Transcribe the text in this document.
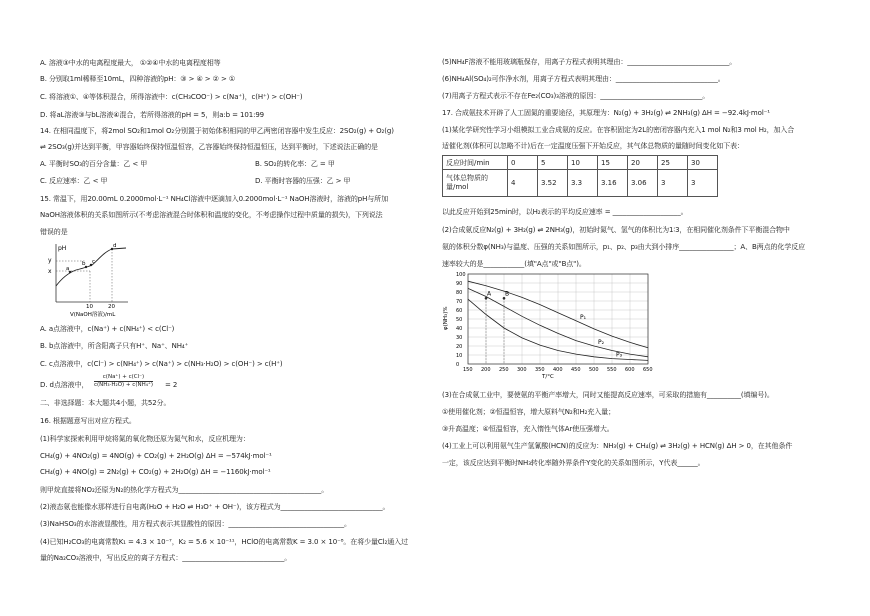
A. 溶液③中水的电离程度最大， ①②④中水的电离程度相等
B. 分别取1ml稀释至10mL，四种溶液的pH：③ > ④ > ② > ①
C. 将溶液①、④等体积混合，所得溶液中：c(CH₃COO⁻) > c(Na⁺)，c(H⁺) > c(OH⁻)
D. 将aL溶液③与bL溶液④混合，若所得溶液的pH = 5，则a:b = 101:99
14. 在相同温度下，将2mol SO₂和1mol O₂分别置于初始体积相同的甲乙两密闭容器中发生反应：2SO₂(g) + O₂(g)
⇌ 2SO₃(g)并达到平衡，甲容器始终保持恒温恒容，乙容器始终保持恒温恒压，达到平衡时，下述说法正确的是
A. 平衡时SO₃的百分含量：乙 < 甲	B. SO₂的转化率：乙 = 甲
C. 反应速率：乙 < 甲	D. 平衡时容器的压强：乙 > 甲
15. 常温下，用20.00mL 0.2000mol·L⁻¹ NH₄Cl溶液中逐滴加入0.2000mol·L⁻¹ NaOH溶液时，溶液的pH与所加
NaOH溶液体积的关系如图所示(不考虑溶液混合时体积和温度的变化，不考虑操作过程中质量的损失)，下列说法
错误的是
pH
x
y
a
b c
d
10	20
V(NaOH溶液)/mL
A. a点溶液中，c(Na⁺) + c(NH₄⁺) < c(Cl⁻)
B. b点溶液中，所含阳离子只有H⁺、Na⁺、NH₄⁺
C. c点溶液中，c(Cl⁻) > c(NH₄⁺) > c(Na⁺) > c(NH₃·H₂O) > c(OH⁻) > c(H⁺)
D. d点溶液中， $\frac{c(Na^+) + c(Cl^-)}{\text{c(NH₃·H₂O) + c(NH₄⁺)}} = 2$
二、非选择题：本大题共4小题，共52分。
16. 根据题意写出对应方程式。
(1)科学家探索利用甲烷将氮的氧化物还原为氮气和水，反应机理为：
CH₄(g) + 4NO₂(g) = 4NO(g) + CO₂(g) + 2H₂O(g) ΔH = −574kJ·mol⁻¹
CH₄(g) + 4NO(g) = 2N₂(g) + CO₂(g) + 2H₂O(g) ΔH = −1160kJ·mol⁻¹
则甲烷直接将NO₂还原为N₂的热化学方程式为__________________________________________。
(2)液态氨也能像水那样进行自电离(H₂O + H₂O ⇌ H₃O⁺ + OH⁻)，该方程式为______________________________。
(3)NaHSO₃的水溶液显酸性，用方程式表示其显酸性的原因：__________________________________。
(4)已知H₂CO₃的电离常数K₁ = 4.3 × 10⁻⁷，K₂ = 5.6 × 10⁻¹¹，HClO的电离常数K = 3.0 × 10⁻⁸。在将少量Cl₂通入过
量的Na₂CO₃溶液中，写出反应的离子方程式：______________________________。
(5)NH₄F溶液不能用玻璃瓶保存，用离子方程式表明其理由：______________________________。
(6)NH₄Al(SO₄)₂可作净水剂，用离子方程式表明其理由：______________________________。
(7)用离子方程式表示不存在Fe₂(CO₃)₃溶液的原因：______________________________。
17. 合成氨技术开辟了人工固氮的重要途径，其原理为：N₂(g) + 3H₂(g) ⇌ 2NH₃(g) ΔH = −92.4kJ·mol⁻¹
(1)某化学研究性学习小组模拟工业合成氨的反应。在容积固定为2L的密闭容器内充入1 mol N₂和3 mol H₂，加入合
适催化剂(体积可以忽略不计)后在一定温度压强下开始反应，其气体总物质的量随时间变化如下表：
反应时间/min	0	5	10	15	20	25	30
气体总物质的量/mol	4	3.52	3.3	3.16	3.06	3	3
以此反应开始到25min时，以H₂表示的平均反应速率 = ____________________。
(2)合成氨反应N₂(g) + 3H₂(g) ⇌ 2NH₃(g)，初始时氮气、氢气的体积比为1∶3，在相同催化剂条件下平衡混合物中
氨的体积分数φ(NH₃)与温度、压强的关系如图所示，p₁、p₂、p₃由大到小排序________________；A、B两点的化学反应
速率较大的是____________(填"A点"或"B点")。
φ(NH₃)%
150 200 250 300 350 400 450 500 550 600 650
0
10
20
30
40
50
60
70
80
90
100
P₁
P₂
P₃
A B
T/°C
(3)在合成氨工业中，要使氨的平衡产率增大，同时又能提高反应速率，可采取的措施有__________(填编号)。
①使用催化剂；②恒温恒容，增大原料气N₂和H₂充入量；
③升高温度；④恒温恒容，充入惰性气体Ar使压强增大。
(4)工业上可以利用氨气生产氢氰酸(HCN)的反应为：NH₃(g) + CH₄(g) ⇌ 3H₂(g) + HCN(g) ΔH > 0，在其他条件
一定，该反应达到平衡时NH₃转化率随外界条件Y变化的关系如图所示，Y代表______。
